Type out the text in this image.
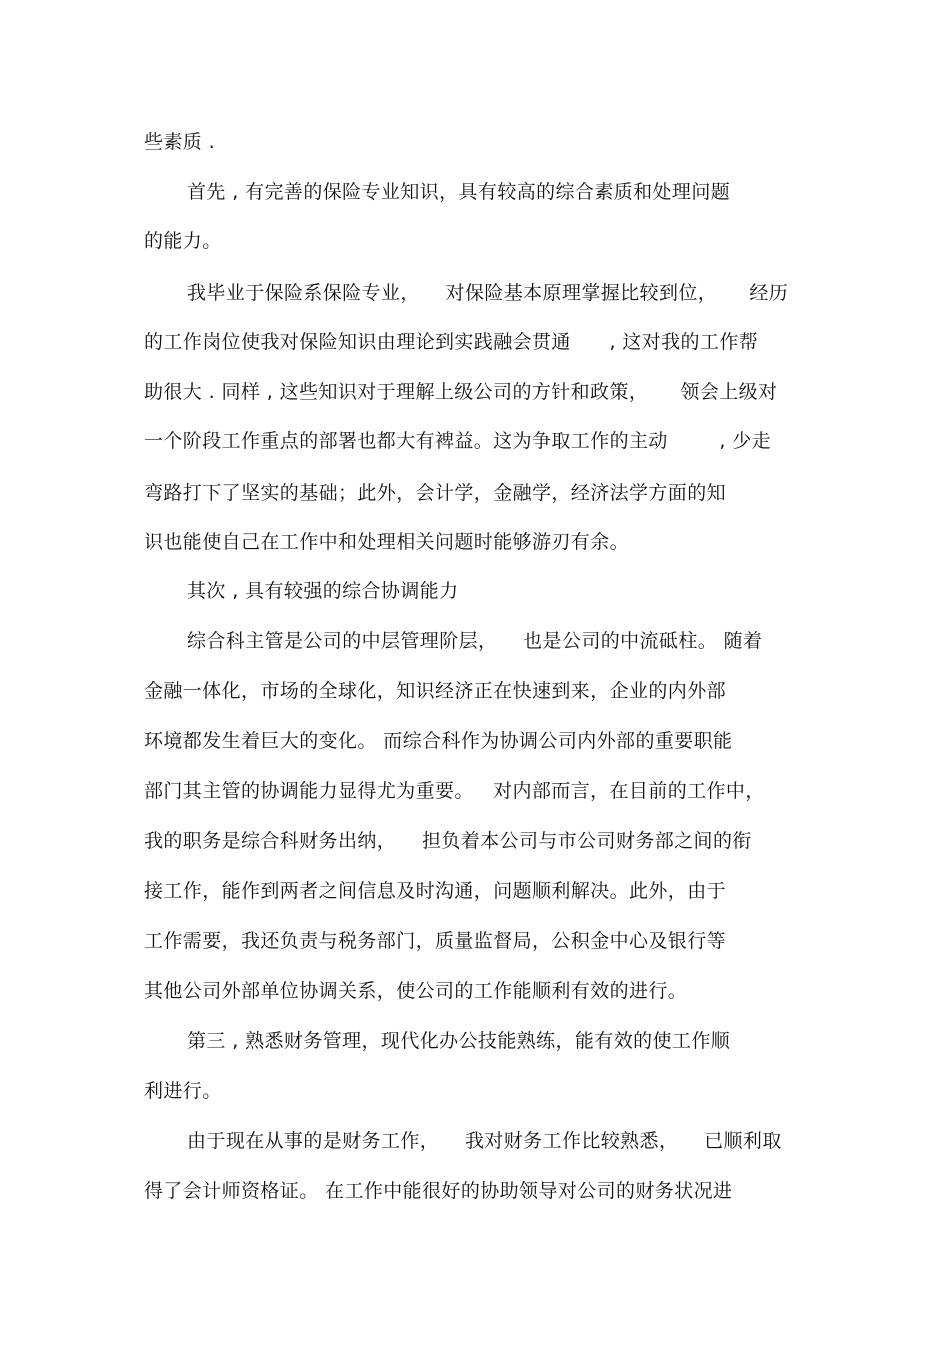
些素质 .
首先 , 有完善的保险专业知识，具有较高的综合素质和处理问题
的能力。
我毕业于保险系保险专业，    对保险基本原理掌握比较到位，     经历
的工作岗位使我对保险知识由理论到实践融会贯通      , 这对我的工作帮
助很大 . 同样 , 这些知识对于理解上级公司的方针和政策，     领会上级对
一个阶段工作重点的部署也都大有裨益。这为争取工作的主动        , 少走
弯路打下了坚实的基础；此外，会计学，金融学，经济法学方面的知
识也能使自己在工作中和处理相关问题时能够游刃有余。
其次 , 具有较强的综合协调能力
综合科主管是公司的中层管理阶层，    也是公司的中流砥柱。 随着
金融一体化，市场的全球化，知识经济正在快速到来，企业的内外部
环境都发生着巨大的变化。 而综合科作为协调公司内外部的重要职能
部门其主管的协调能力显得尤为重要。   对内部而言，在目前的工作中，
我的职务是综合科财务出纳，    担负着本公司与市公司财务部之间的衔
接工作，能作到两者之间信息及时沟通，问题顺利解决。此外，由于
工作需要，我还负责与税务部门，质量监督局，公积金中心及银行等
其他公司外部单位协调关系，使公司的工作能顺利有效的进行。
第三 , 熟悉财务管理，现代化办公技能熟练，能有效的使工作顺
利进行。
由于现在从事的是财务工作，    我对财务工作比较熟悉，    已顺利取
得了会计师资格证。 在工作中能很好的协助领导对公司的财务状况进
